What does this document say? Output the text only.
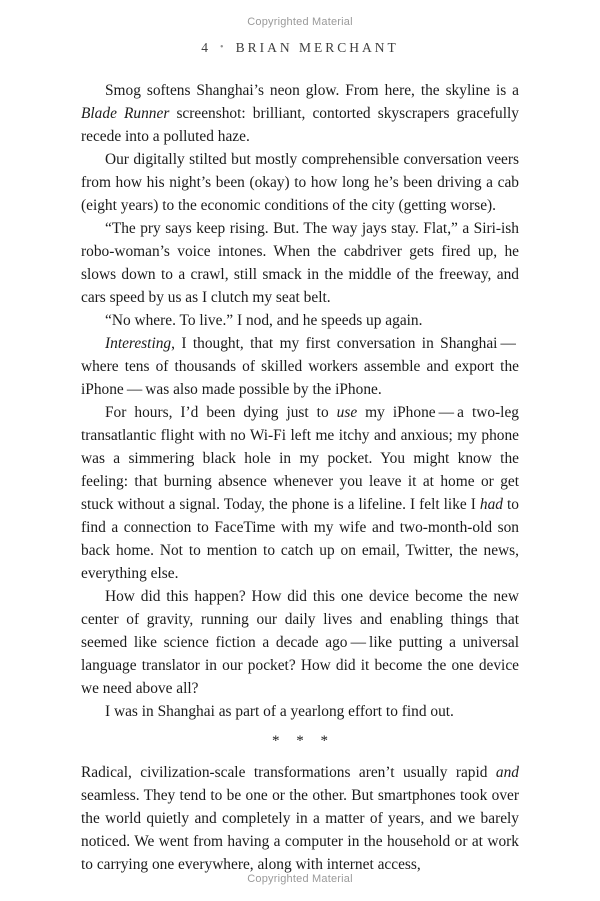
Copyrighted Material
4 • BRIAN MERCHANT

Smog softens Shanghai’s neon glow. From here, the skyline is a Blade Runner screenshot: brilliant, contorted skyscrapers gracefully recede into a polluted haze.

Our digitally stilted but mostly comprehensible conversation veers from how his night’s been (okay) to how long he’s been driving a cab (eight years) to the economic conditions of the city (getting worse).

“The pry says keep rising. But. The way jays stay. Flat,” a Siri-ish robo-woman’s voice intones. When the cabdriver gets fired up, he slows down to a crawl, still smack in the middle of the freeway, and cars speed by us as I clutch my seat belt.

“No where. To live.” I nod, and he speeds up again.

Interesting, I thought, that my first conversation in Shanghai — where tens of thousands of skilled workers assemble and export the iPhone — was also made possible by the iPhone.

For hours, I’d been dying just to use my iPhone — a two-leg transatlantic flight with no Wi-Fi left me itchy and anxious; my phone was a simmering black hole in my pocket. You might know the feeling: that burning absence whenever you leave it at home or get stuck without a signal. Today, the phone is a lifeline. I felt like I had to find a connection to FaceTime with my wife and two-month-old son back home. Not to mention to catch up on email, Twitter, the news, everything else.

How did this happen? How did this one device become the new center of gravity, running our daily lives and enabling things that seemed like science fiction a decade ago — like putting a universal language translator in our pocket? How did it become the one device we need above all?

I was in Shanghai as part of a yearlong effort to find out.

* * *

Radical, civilization-scale transformations aren’t usually rapid and seamless. They tend to be one or the other. But smartphones took over the world quietly and completely in a matter of years, and we barely noticed. We went from having a computer in the household or at work to carrying one everywhere, along with internet access,

Copyrighted Material
